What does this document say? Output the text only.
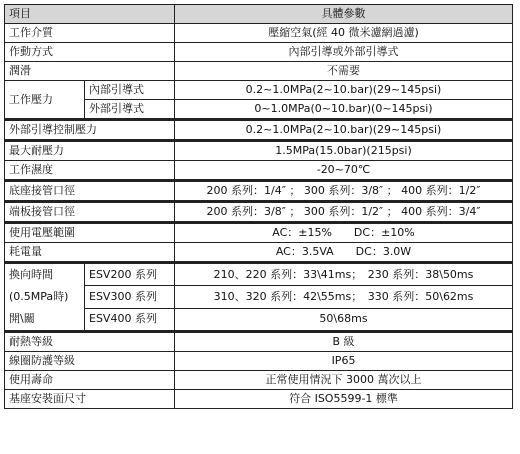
項目		具體參數
工作介質		壓縮空氣(經 40 微米濾網過濾)
作動方式		內部引導或外部引導式
潤滑		不需要
工作壓力	內部引導式	0.2~1.0MPa(2~10.bar)(29~145psi)
	外部引導式	0~1.0MPa(0~10.bar)(0~145psi)
外部引導控制壓力		0.2~1.0MPa(2~10.bar)(29~145psi)
最大耐壓力		1.5MPa(15.0bar)(215psi)
工作濕度		-20~70℃
底座接管口徑		200 系列：1/4″ ； 300 系列：3/8″ ； 400 系列：1/2″
端板接管口徑		200 系列：3/8″ ； 300 系列：1/2″ ； 400 系列：3/4″
使用電壓範圍		AC：±15%　　DC：±10%
耗電量		AC：3.5VA　　DC：3.0W

換向時間
(0.5MPa時)
開\關	ESV200 系列	210、220 系列：33\41ms；　230 系列：38\50ms
	ESV300 系列	310、320 系列：42\55ms；　330 系列：50\62ms
	ESV400 系列	50\68ms
耐熱等級		B 級
線圈防護等級		IP65
使用壽命		正常使用情況下 3000 萬次以上
基座安裝面尺寸		符合 ISO5599-1 標準
